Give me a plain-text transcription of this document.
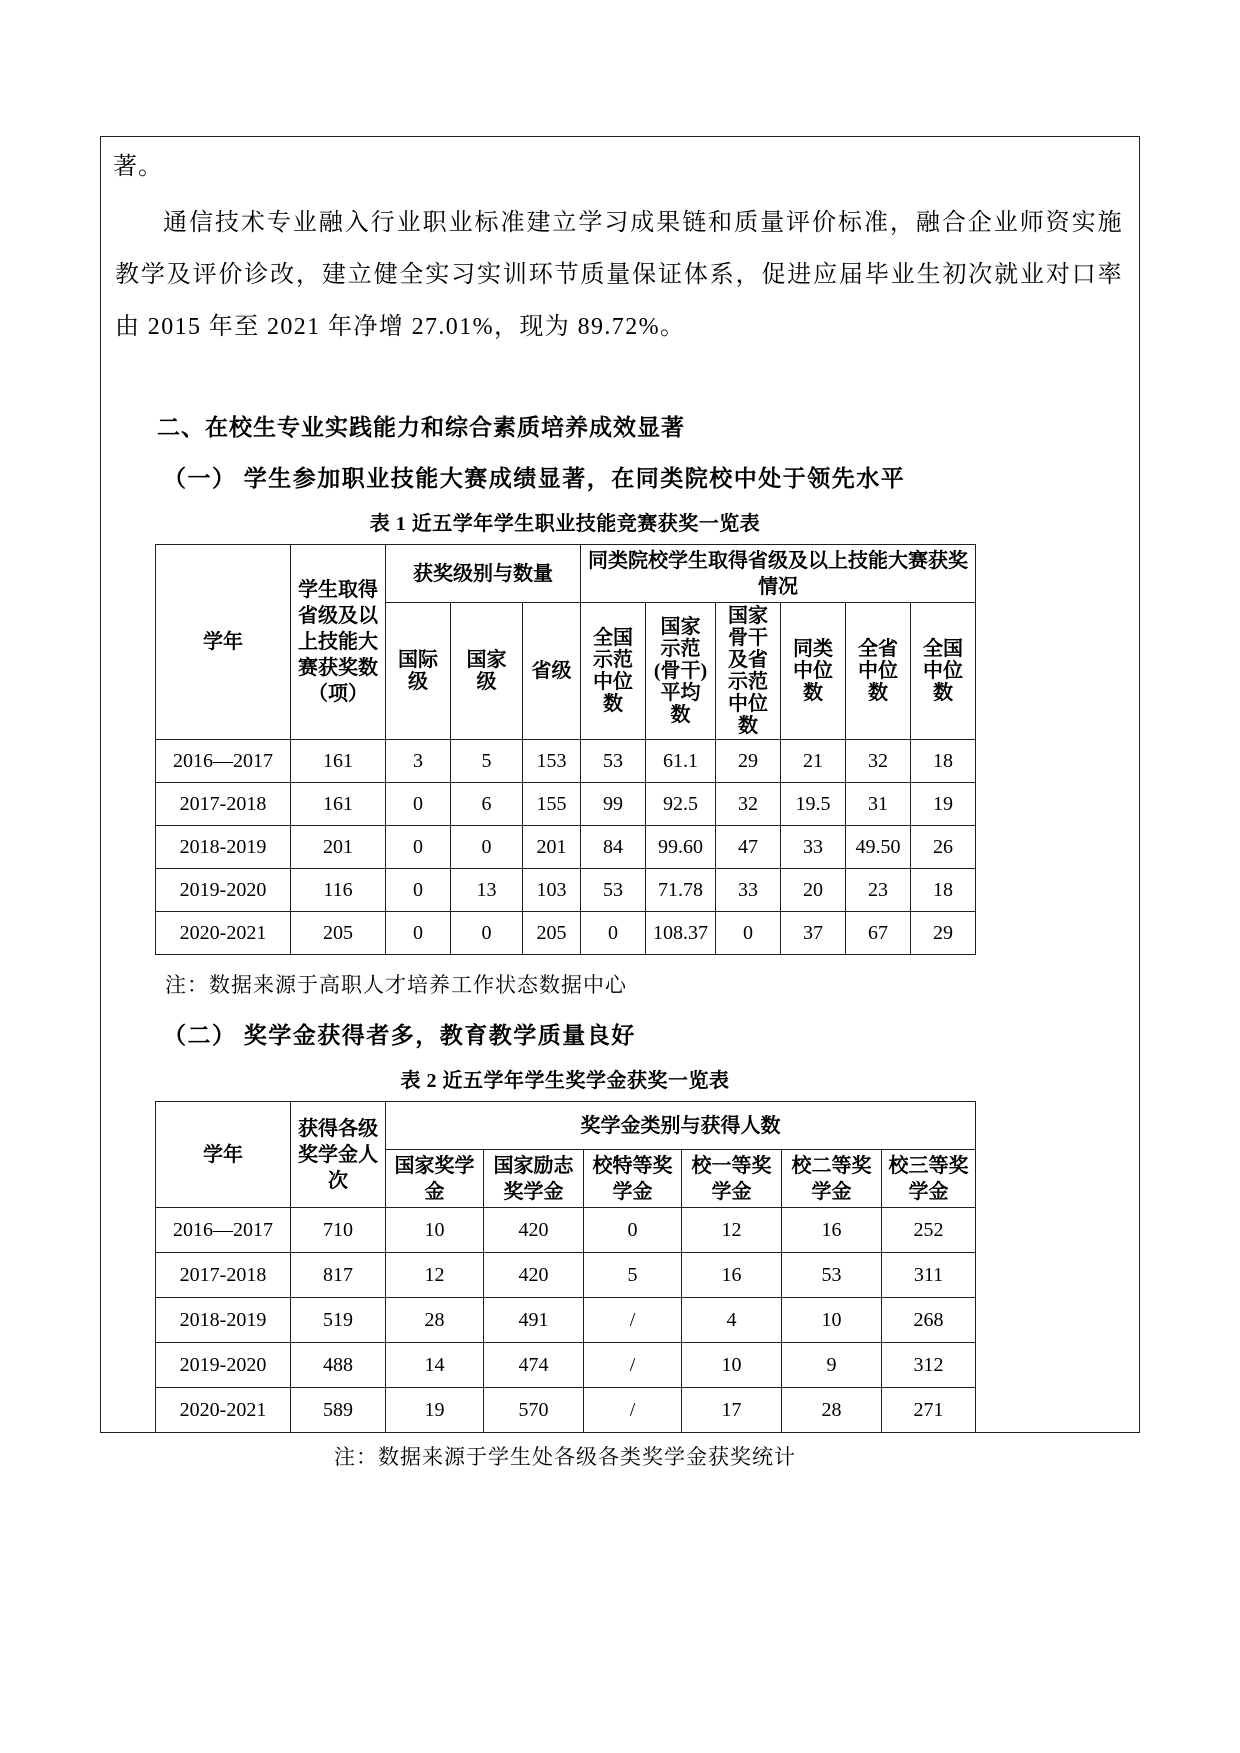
著。

通信技术专业融入行业职业标准建立学习成果链和质量评价标准，融合企业师资实施教学及评价诊改，建立健全实习实训环节质量保证体系，促进应届毕业生初次就业对口率由 2015 年至 2021 年净增 27.01%，现为 89.72%。

二、在校生专业实践能力和综合素质培养成效显著
（一） 学生参加职业技能大赛成绩显著，在同类院校中处于领先水平

表 1 近五学年学生职业技能竞赛获奖一览表

学年	学生取得省级及以上技能大赛获奖数（项）	获奖级别与数量			同类院校学生取得省级及以上技能大赛获奖情况					
		国际级	国家级	省级	全国示范中位数	国家示范(骨干)平均数	国家骨干及省示范中位数	同类中位数	全省中位数	全国中位数
2016—2017	161	3	5	153	53	61.1	29	21	32	18
2017-2018	161	0	6	155	99	92.5	32	19.5	31	19
2018-2019	201	0	0	201	84	99.60	47	33	49.50	26
2019-2020	116	0	13	103	53	71.78	33	20	23	18
2020-2021	205	0	0	205	0	108.37	0	37	67	29

注：数据来源于高职人才培养工作状态数据中心

（二） 奖学金获得者多，教育教学质量良好

表 2 近五学年学生奖学金获奖一览表

学年	获得各级奖学金人次	奖学金类别与获得人数					
		国家奖学金	国家励志奖学金	校特等奖学金	校一等奖学金	校二等奖学金	校三等奖学金
2016—2017	710	10	420	0	12	16	252
2017-2018	817	12	420	5	16	53	311
2018-2019	519	28	491	/	4	10	268
2019-2020	488	14	474	/	10	9	312
2020-2021	589	19	570	/	17	28	271

注：数据来源于学生处各级各类奖学金获奖统计
